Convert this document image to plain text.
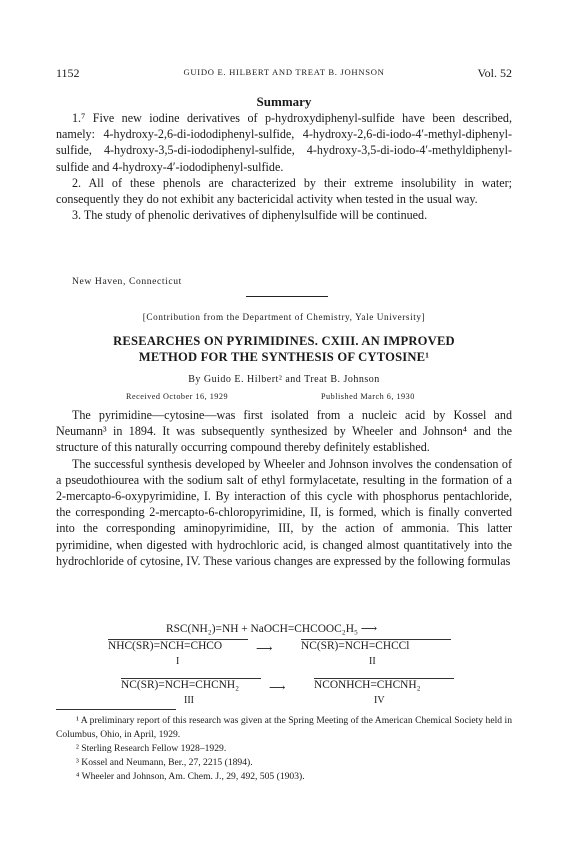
1152	GUIDO E. HILBERT AND TREAT B. JOHNSON	Vol. 52
Summary

1.⁷ Five new iodine derivatives of p-hydroxydiphenyl-sulfide have been described, namely: 4-hydroxy-2,6-di-iododiphenyl-sulfide, 4-hydroxy-2,6-di-iodo-4′-methyl-diphenyl-sulfide, 4-hydroxy-3,5-di-iododiphenyl-sulfide, 4-hydroxy-3,5-di-iodo-4′-methyldiphenyl-sulfide and 4-hydroxy-4′-iododiphenyl-sulfide.

2. All of these phenols are characterized by their extreme insolubility in water; consequently they do not exhibit any bactericidal activity when tested in the usual way.

3. The study of phenolic derivatives of diphenylsulfide will be continued.

New Haven, Connecticut
[Contribution from the Department of Chemistry, Yale University]
RESEARCHES ON PYRIMIDINES. CXIII. AN IMPROVED
METHOD FOR THE SYNTHESIS OF CYTOSINE¹
By Guido E. Hilbert² and Treat B. Johnson
Received October 16, 1929	Published March 6, 1930

The pyrimidine—cytosine—was first isolated from a nucleic acid by Kossel and Neumann³ in 1894. It was subsequently synthesized by Wheeler and Johnson⁴ and the structure of this naturally occurring compound thereby definitely established.

The successful synthesis developed by Wheeler and Johnson involves the condensation of a pseudothiourea with the sodium salt of ethyl formylacetate, resulting in the formation of a 2-mercapto-6-oxypyrimidine, I. By interaction of this cycle with phosphorus pentachloride, the corresponding 2-mercapto-6-chloropyrimidine, II, is formed, which is finally converted into the corresponding aminopyrimidine, III, by the action of ammonia. This latter pyrimidine, when digested with hydrochloric acid, is changed almost quantitatively into the hydrochloride of cytosine, IV. These various changes are expressed by the following formulas

RSC(NH₂)=NH + NaOCH=CHCOOC₂H₅ ⟶
NHC(SR)=NCH=CHCO	⟶	NC(SR)=NCH=CHCCl
I	II
NC(SR)=NCH=CHCNH₂	⟶	NCONHCH=CHCNH₂
III	IV

¹ A preliminary report of this research was given at the Spring Meeting of the American Chemical Society held in Columbus, Ohio, in April, 1929.

² Sterling Research Fellow 1928–1929.

³ Kossel and Neumann, Ber., 27, 2215 (1894).

⁴ Wheeler and Johnson, Am. Chem. J., 29, 492, 505 (1903).
